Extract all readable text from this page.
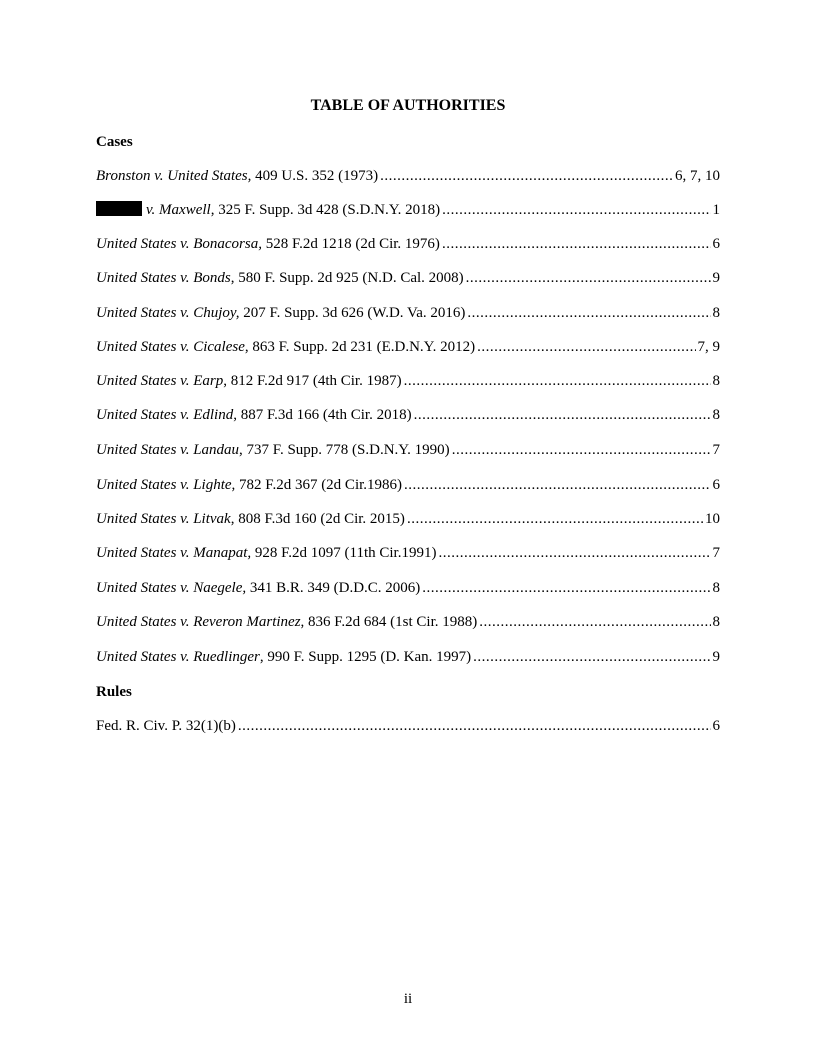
TABLE OF AUTHORITIES
Cases
Bronston v. United States, 409 U.S. 352 (1973) .....	6, 7, 10
v. Maxwell, 325 F. Supp. 3d 428 (S.D.N.Y. 2018) .....	1
United States v. Bonacorsa, 528 F.2d 1218 (2d Cir. 1976) .....	6
United States v. Bonds, 580 F. Supp. 2d 925 (N.D. Cal. 2008) .....	9
United States v. Chujoy, 207 F. Supp. 3d 626 (W.D. Va. 2016) .....	8
United States v. Cicalese, 863 F. Supp. 2d 231 (E.D.N.Y. 2012) .....	7, 9
United States v. Earp, 812 F.2d 917 (4th Cir. 1987) .....	8
United States v. Edlind, 887 F.3d 166 (4th Cir. 2018) .....	8
United States v. Landau, 737 F. Supp. 778 (S.D.N.Y. 1990) .....	7
United States v. Lighte, 782 F.2d 367 (2d Cir.1986) .....	6
United States v. Litvak, 808 F.3d 160 (2d Cir. 2015) .....	10
United States v. Manapat, 928 F.2d 1097 (11th Cir.1991) .....	7
United States v. Naegele, 341 B.R. 349 (D.D.C. 2006) .....	8
United States v. Reveron Martinez, 836 F.2d 684 (1st Cir. 1988) .....	8
United States v. Ruedlinger, 990 F. Supp. 1295 (D. Kan. 1997) .....	9
Rules
Fed. R. Civ. P. 32(1)(b) .....	6
ii
